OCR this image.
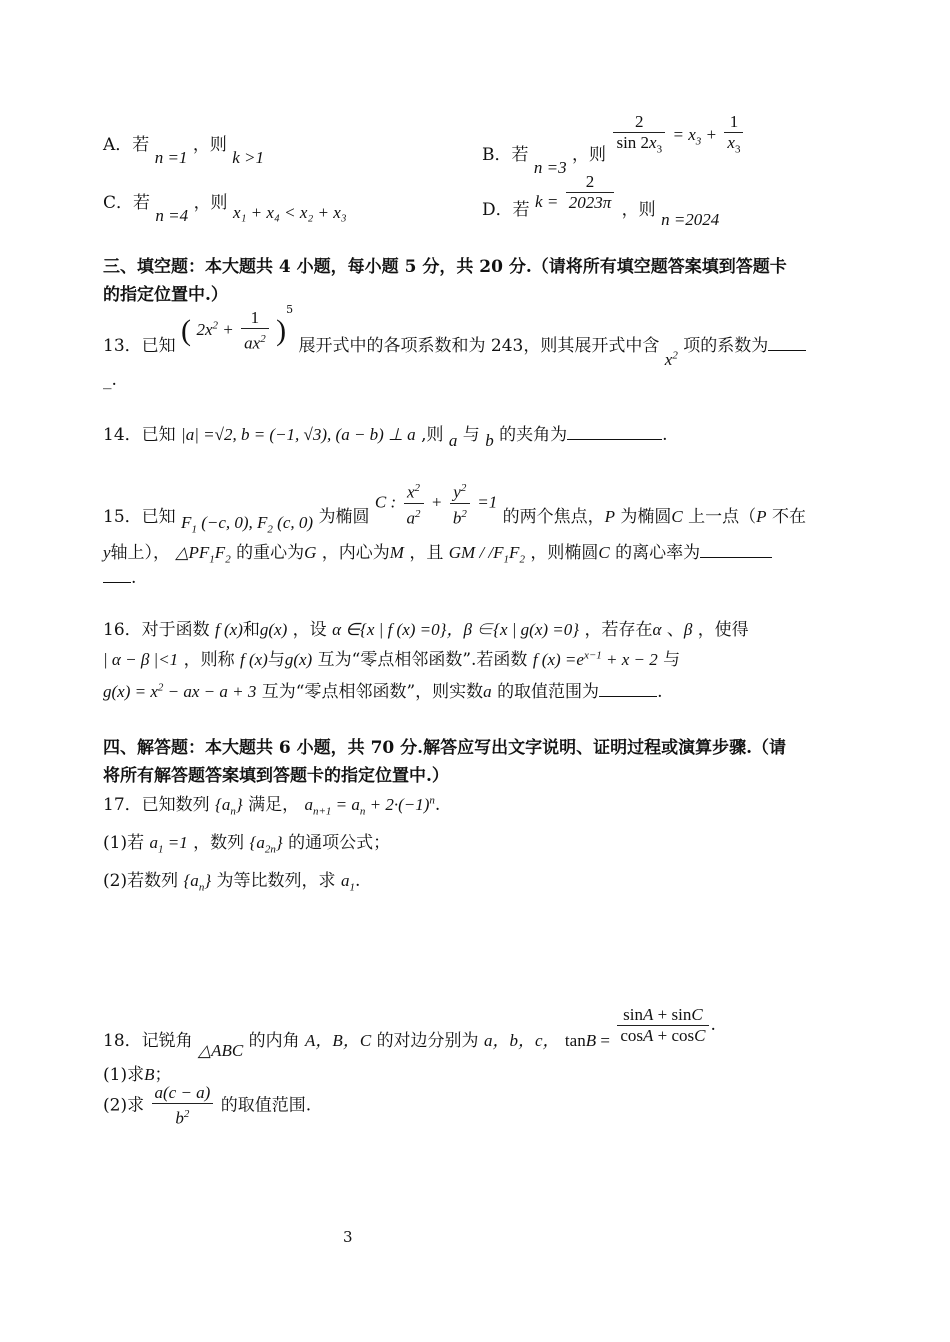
A．若 n =1 ，则 k >1	B．若 n =3 ，则 $\frac{2}{\sin 2x_3} = x_3 + \frac{1}{x_3}$
C．若 n =4 ，则 x₁ + x₄ < x₂ + x₃	D．若 $k = \frac{2}{2023\pi}$ ，则 n =2024
三、填空题：本大题共 4 小题，每小题 5 分，共 20 分.（请将所有填空题答案填到答题卡
的指定位置中.）
13．已知 ( $2x^2 + \frac{1}{ax^2} )^5$ 展开式中的各项系数和为 243，则其展开式中含 $x^2$ 项的系数为
_.
14．已知 |a| =√2, b = (−1, √3), (a − b) ⊥ a ,则 a 与 b 的夹角为	.
15．已知 $F_1$ (−c, 0), $F_2$ (c, 0) 为椭圆 C : $\frac{x^2}{a^2} + \frac{y^2}{b^2} =1$ 的两个焦点，P 为椭圆C 上一点（P 不在
y轴上）， $\triangle PF_1F_2$ 的重心为G ，内心为M ，且 GM / $/F_1F_2$ ，则椭圆C 的离心率为
.
16．对于函数 f (x)和g(x) ，设 α ∈{x | f (x) =0}，β ∈{x | g(x) =0} ，若存在α 、β ，使得
| α − β |<1 ，则称 f (x)与g(x) 互为“零点相邻函数”.若函数 f $(x) =e^{x-1} + x - 2$ 与
$g(x) = x^2$ − ax − a + 3 互为“零点相邻函数”，则实数a 的取值范围为	.
四、解答题：本大题共 6 小题，共 70 分.解答应写出文字说明、证明过程或演算步骤.（请
将所有解答题答案填到答题卡的指定位置中.）
17．已知数列 $\{a_n\}$ 满足， $a_{n+1} = a_n + 2\cdot(-1)^n$.
(1)若 $a_1 =1$ ，数列 $\{a_{2n}\}$ 的通项公式；
(2)若数列 $\{a_n\}$ 为等比数列，求 $a_1$.
18．记锐角 △ABC 的内角 A，B，C 的对边分别为 a，b，c， $\tan B = \frac{\sin A + \sin C}{\cos A + \cos C}$ .
(1)求B；
(2)求 $\frac{a(c - a)}{b^2}$ 的取值范围.
3
